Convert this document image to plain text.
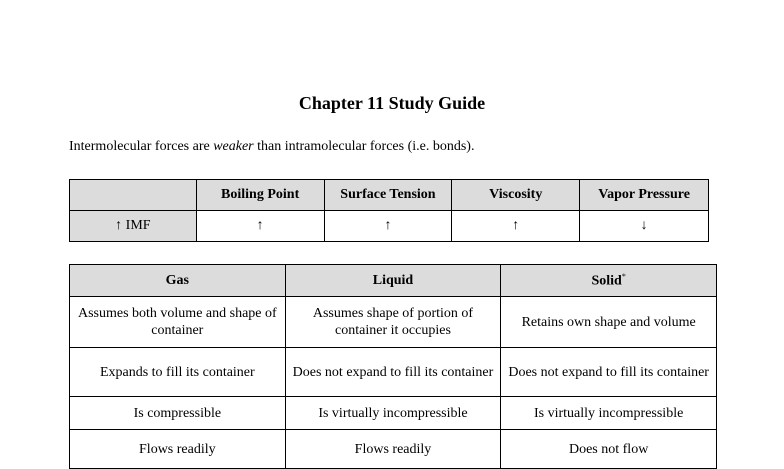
Chapter 11 Study Guide
Intermolecular forces are weaker than intramolecular forces (i.e. bonds).
	Boiling Point	Surface Tension	Viscosity	Vapor Pressure
↑ IMF	↑	↑	↑	↓
Gas	Liquid	Solid*
Assumes both volume and shape of container	Assumes shape of portion of container it occupies	Retains own shape and volume
Expands to fill its container	Does not expand to fill its container	Does not expand to fill its container
Is compressible	Is virtually incompressible	Is virtually incompressible
Flows readily	Flows readily	Does not flow
